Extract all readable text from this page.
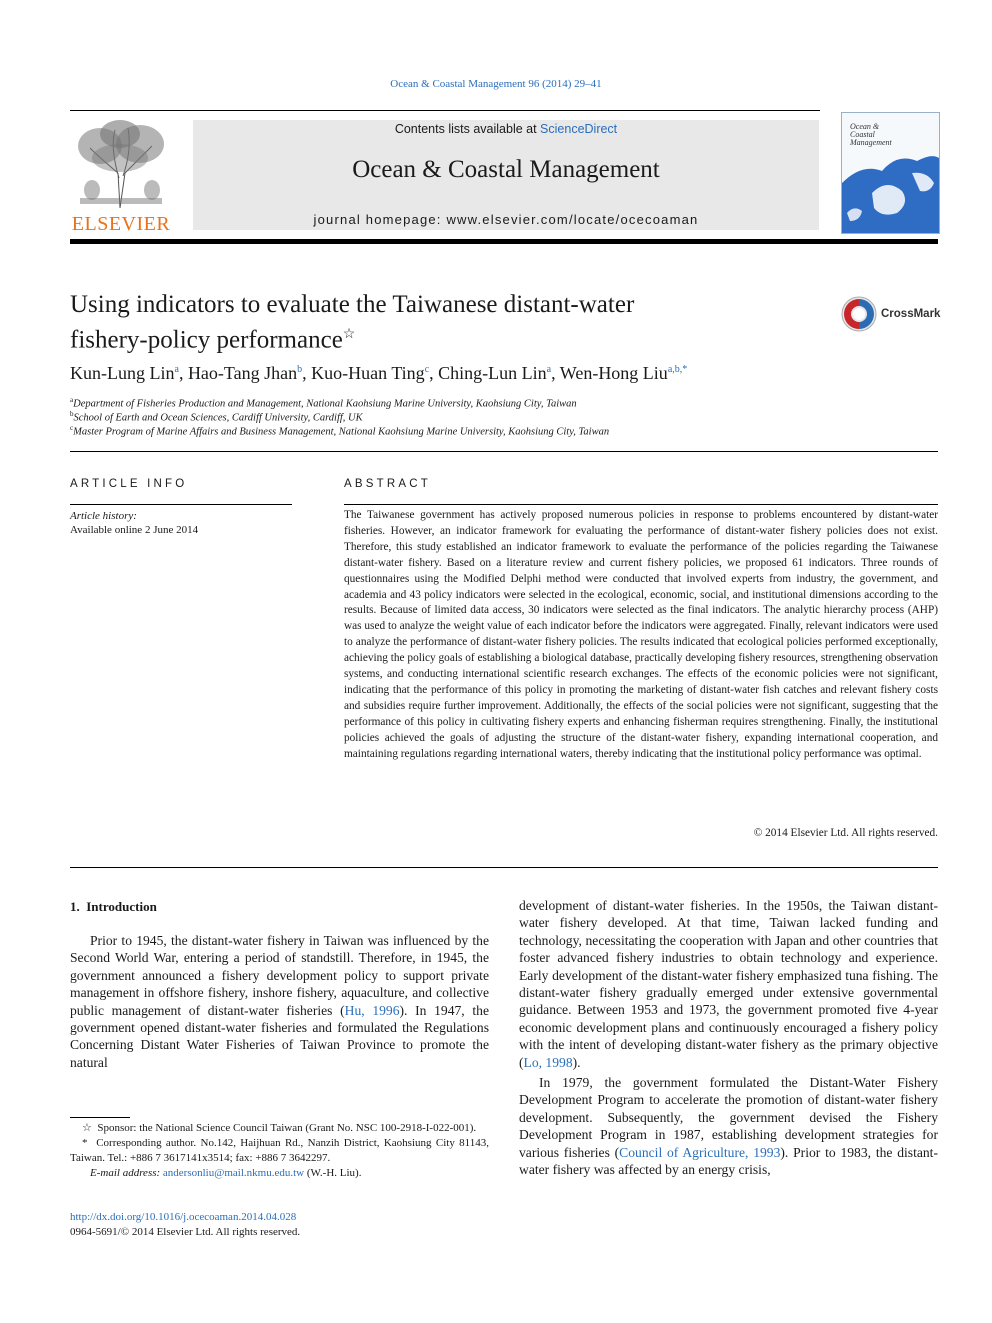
Ocean & Coastal Management 96 (2014) 29–41
ELSEVIER
Contents lists available at ScienceDirect
Ocean & Coastal Management
journal homepage: www.elsevier.com/locate/ocecoaman
Ocean & Coastal Management
Using indicators to evaluate the Taiwanese distant-water
fishery-policy performance☆
CrossMark
Kun-Lung Lin$^a$, Hao-Tang Jhan$^b$, Kuo-Huan Ting$^c$, Ching-Lun Lin$^a$, Wen-Hong Liu$^{a,b,*}$
$^a$Department of Fisheries Production and Management, National Kaohsiung Marine University, Kaohsiung City, Taiwan
$^b$School of Earth and Ocean Sciences, Cardiff University, Cardiff, UK
$^c$Master Program of Marine Affairs and Business Management, National Kaohsiung Marine University, Kaohsiung City, Taiwan
ARTICLE INFO
Article history:
Available online 2 June 2014
ABSTRACT
The Taiwanese government has actively proposed numerous policies in response to problems encountered by distant-water fisheries. However, an indicator framework for evaluating the performance of distant-water fishery policies does not exist. Therefore, this study established an indicator framework to evaluate the performance of the policies regarding the Taiwanese distant-water fishery. Based on a literature review and current fishery policies, we proposed 61 indicators. Three rounds of questionnaires using the Modified Delphi method were conducted that involved experts from industry, the government, and academia and 43 policy indicators were selected in the ecological, economic, social, and institutional dimensions according to the results. Because of limited data access, 30 indicators were selected as the final indicators. The analytic hierarchy process (AHP) was used to analyze the weight value of each indicator before the indicators were aggregated. Finally, relevant indicators were used to analyze the performance of distant-water fishery policies. The results indicated that ecological policies performed exceptionally, achieving the policy goals of establishing a biological database, practically developing fishery resources, strengthening observation systems, and conducting international scientific research exchanges. The effects of the economic policies were not significant, indicating that the performance of this policy in promoting the marketing of distant-water fish catches and relevant fishery costs and subsidies require further improvement. Additionally, the effects of the social policies were not significant, suggesting that the performance of this policy in cultivating fishery experts and enhancing fisherman requires strengthening. Finally, the institutional policies achieved the goals of adjusting the structure of the distant-water fishery, expanding international cooperation, and maintaining regulations regarding international waters, thereby indicating that the institutional policy performance was optimal.
© 2014 Elsevier Ltd. All rights reserved.
1. Introduction

Prior to 1945, the distant-water fishery in Taiwan was influenced by the Second World War, entering a period of standstill. Therefore, in 1945, the government announced a fishery development policy to support private management in offshore fishery, inshore fishery, aquaculture, and collective public management of distant-water fisheries (Hu, 1996). In 1947, the government opened distant-water fisheries and formulated the Regulations Concerning Distant Water Fisheries of Taiwan Province to promote the natural

development of distant-water fisheries. In the 1950s, the Taiwan distant-water fishery developed. At that time, Taiwan lacked funding and technology, necessitating the cooperation with Japan and other countries that foster advanced fishery industries to obtain technology and experience. Early development of the distant-water fishery emphasized tuna fishing. The distant-water fishery gradually emerged under extensive governmental guidance. Between 1953 and 1973, the government promoted five 4-year economic development plans and continuously encouraged a fishery policy with the intent of developing distant-water fishery as the primary objective (Lo, 1998).

In 1979, the government formulated the Distant-Water Fishery Development Program to accelerate the promotion of distant-water fishery development. Subsequently, the government devised the Fishery Development Program in 1987, establishing development strategies for various fisheries (Council of Agriculture, 1993). Prior to 1983, the distant-water fishery was affected by an energy crisis,

☆ Sponsor: the National Science Council Taiwan (Grant No. NSC 100-2918-I-022-001).

* Corresponding author. No.142, Haijhuan Rd., Nanzih District, Kaohsiung City 81143, Taiwan. Tel.: +886 7 3617141x3514; fax: +886 7 3642297.

E-mail address: andersonliu@mail.nkmu.edu.tw (W.-H. Liu).

http://dx.doi.org/10.1016/j.ocecoaman.2014.04.028
0964-5691/© 2014 Elsevier Ltd. All rights reserved.
